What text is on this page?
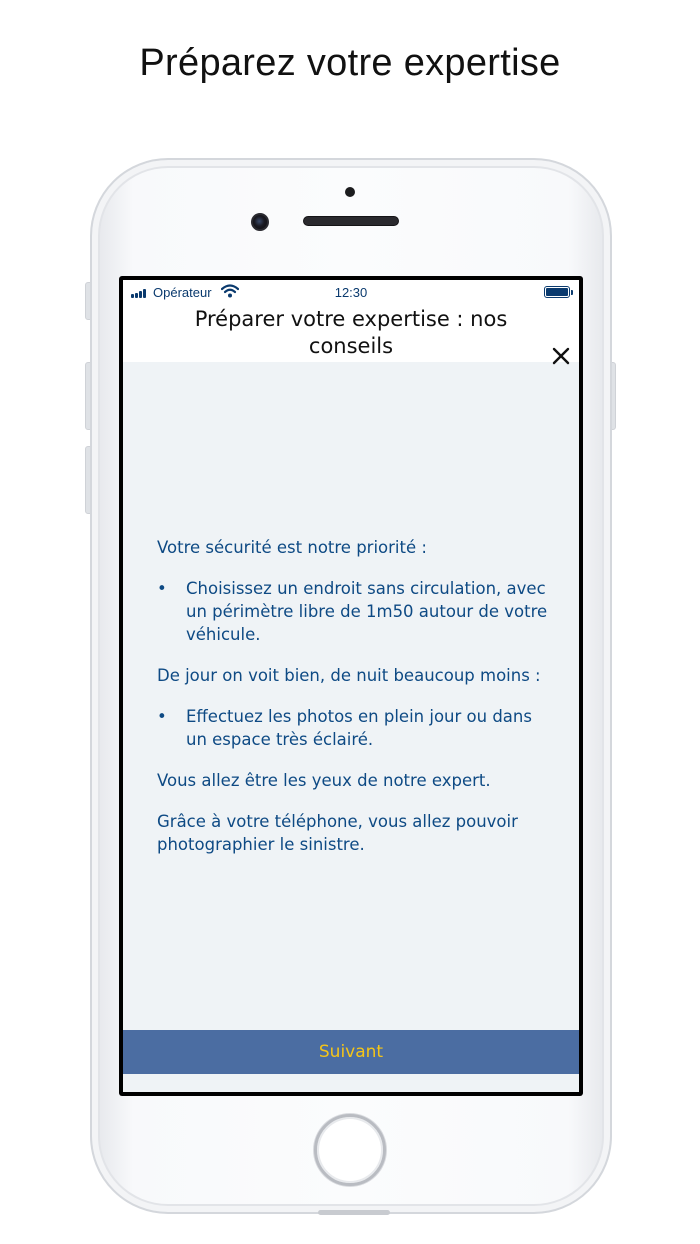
Préparez votre expertise
Opérateur	12:30
Préparer votre expertise : nos conseils

Votre sécurité est notre priorité :

• Choisissez un endroit sans circulation, avec un périmètre libre de 1m50 autour de votre véhicule.

De jour on voit bien, de nuit beaucoup moins :

• Effectuez les photos en plein jour ou dans un espace très éclairé.

Vous allez être les yeux de notre expert.

Grâce à votre téléphone, vous allez pouvoir photographier le sinistre.

Suivant
